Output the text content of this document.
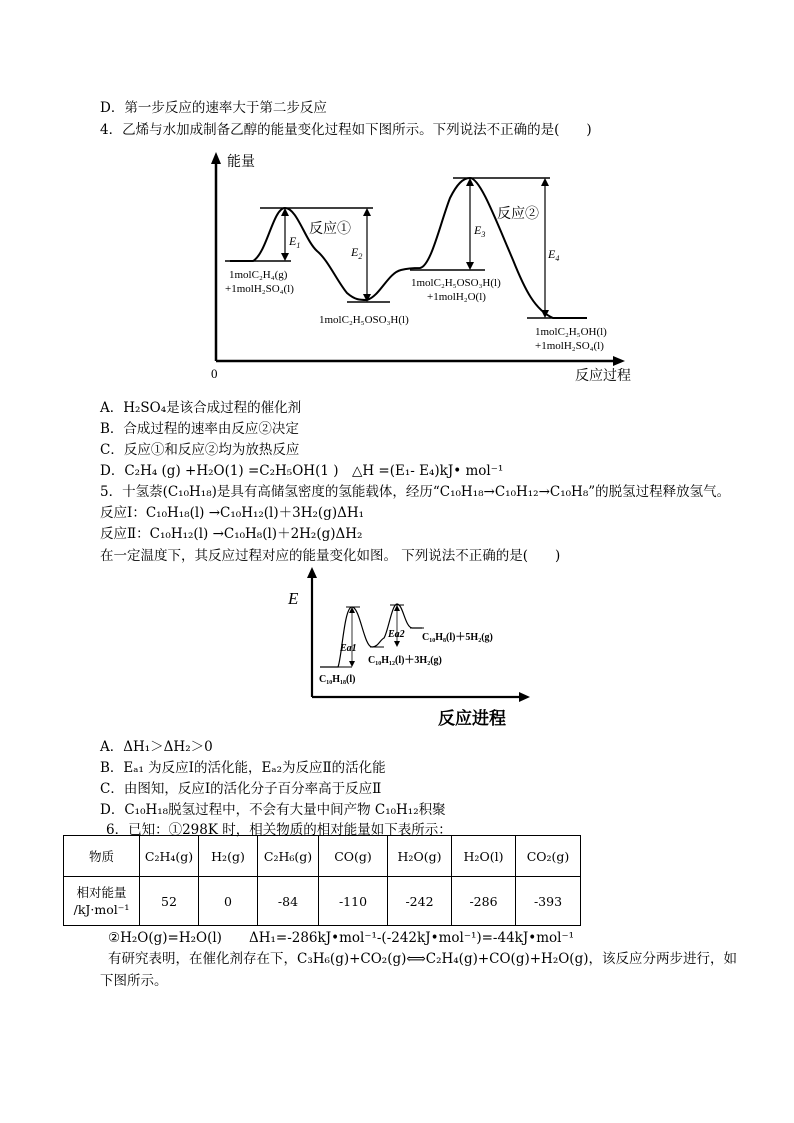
D．第一步反应的速率大于第二步反应
4．乙烯与水加成制备乙醇的能量变化过程如下图所示。下列说法不正确的是(　　)
能量
0	反应过程
$E_1$	$E_2$
$E_3$
$E_4$
反应①
反应②
1molC₂H₄(g)
+1molH₂SO₄(l)
1molC₂H₅OSO₃H(l)
1molC₂H₅OSO₃H(l)
+1molH₂O(l)
1molC₂H₅OH(l)
+1molH₂SO₄(l)
A．H₂SO₄是该合成过程的催化剂
B．合成过程的速率由反应②决定
C．反应①和反应②均为放热反应
D．C₂H₄ (g) +H₂O(1) =C₂H₅OH(1 )　△H =(E₁- E₄)kJ• mol⁻¹
5．十氢萘(C₁₀H₁₈)是具有高储氢密度的氢能载体，经历“C₁₀H₁₈→C₁₀H₁₂→C₁₀H₈”的脱氢过程释放氢气。
反应Ⅰ：C₁₀H₁₈(l) →C₁₀H₁₂(l)＋3H₂(g)ΔH₁
反应Ⅱ：C₁₀H₁₂(l) →C₁₀H₈(l)＋2H₂(g)ΔH₂
在一定温度下，其反应过程对应的能量变化如图。 下列说法不正确的是(　　)
E
反应进程
Ea1
Ea2
C₁₀H₁₈(l)
C₁₀H₁₂(l)＋3H₂(g)
C₁₀H₈(l)＋5H₂(g)
A．ΔH₁＞ΔH₂＞0
B．Eₐ₁ 为反应Ⅰ的活化能，Eₐ₂为反应Ⅱ的活化能
C．由图知，反应Ⅰ的活化分子百分率高于反应Ⅱ
D．C₁₀H₁₈脱氢过程中，不会有大量中间产物 C₁₀H₁₂积聚
6．已知：①298K 时，相关物质的相对能量如下表所示：
物质	C₂H₄(g)	H₂(g)	C₂H₆(g)	CO(g)	H₂O(g)	H₂O(l)	CO₂(g)
相对能量
/kJ·mol⁻¹	52	0	-84	-110	-242	-286	-393
②H₂O(g)=H₂O(l)　　ΔH₁=-286kJ•mol⁻¹-(-242kJ•mol⁻¹)=-44kJ•mol⁻¹
有研究表明，在催化剂存在下，C₃H₆(g)+CO₂(g)⟺C₂H₄(g)+CO(g)+H₂O(g)，该反应分两步进行，如
下图所示。
